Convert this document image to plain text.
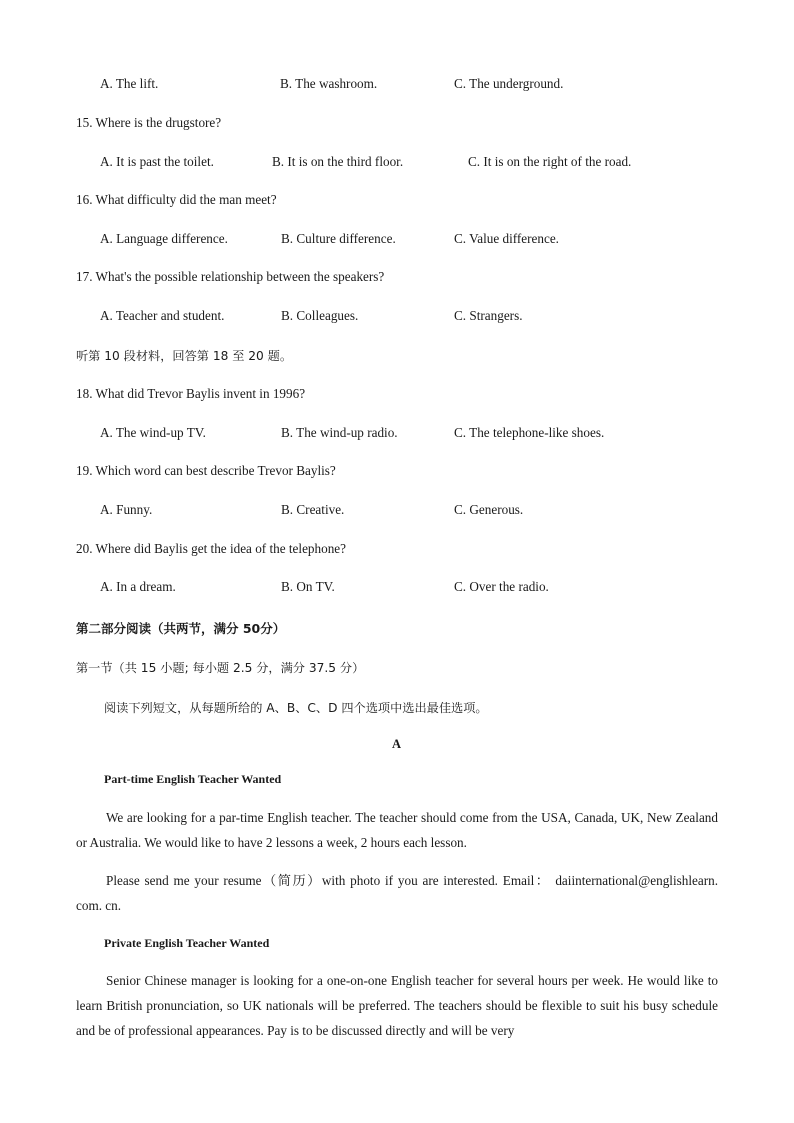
A. The lift.	B. The washroom.	C. The underground.
15. Where is the drugstore?
A. It is past the toilet.	B. It is on the third floor.	C. It is on the right of the road.
16. What difficulty did the man meet?
A. Language difference.	B. Culture difference.	C. Value difference.
17. What's the possible relationship between the speakers?
A. Teacher and student.	B. Colleagues.	C. Strangers.
听第 10 段材料，回答第 18 至 20 题。
18. What did Trevor Baylis invent in 1996?
A. The wind-up TV.	B. The wind-up radio.	C. The telephone-like shoes.
19. Which word can best describe Trevor Baylis?
A. Funny.	B. Creative.	C. Generous.
20. Where did Baylis get the idea of the telephone?
A. In a dream.	B. On TV.	C. Over the radio.
第二部分阅读（共两节，满分 50分）
第一节（共 15 小题; 每小题 2.5 分，满分 37.5 分）
阅读下列短文，从每题所给的 A、B、C、D 四个选项中选出最佳选项。
A
Part-time English Teacher Wanted
We are looking for a par-time English teacher. The teacher should come from the USA, Canada, UK, New Zealand or Australia. We would like to have 2 lessons a week, 2 hours each lesson.
Please send me your resume（简历）with photo if you are interested. Email： daiinternational@englishlearn. com. cn.
Private English Teacher Wanted
Senior Chinese manager is looking for a one-on-one English teacher for several hours per week. He would like to learn British pronunciation, so UK nationals will be preferred. The teachers should be flexible to suit his busy schedule and be of professional appearances. Pay is to be discussed directly and will be very
